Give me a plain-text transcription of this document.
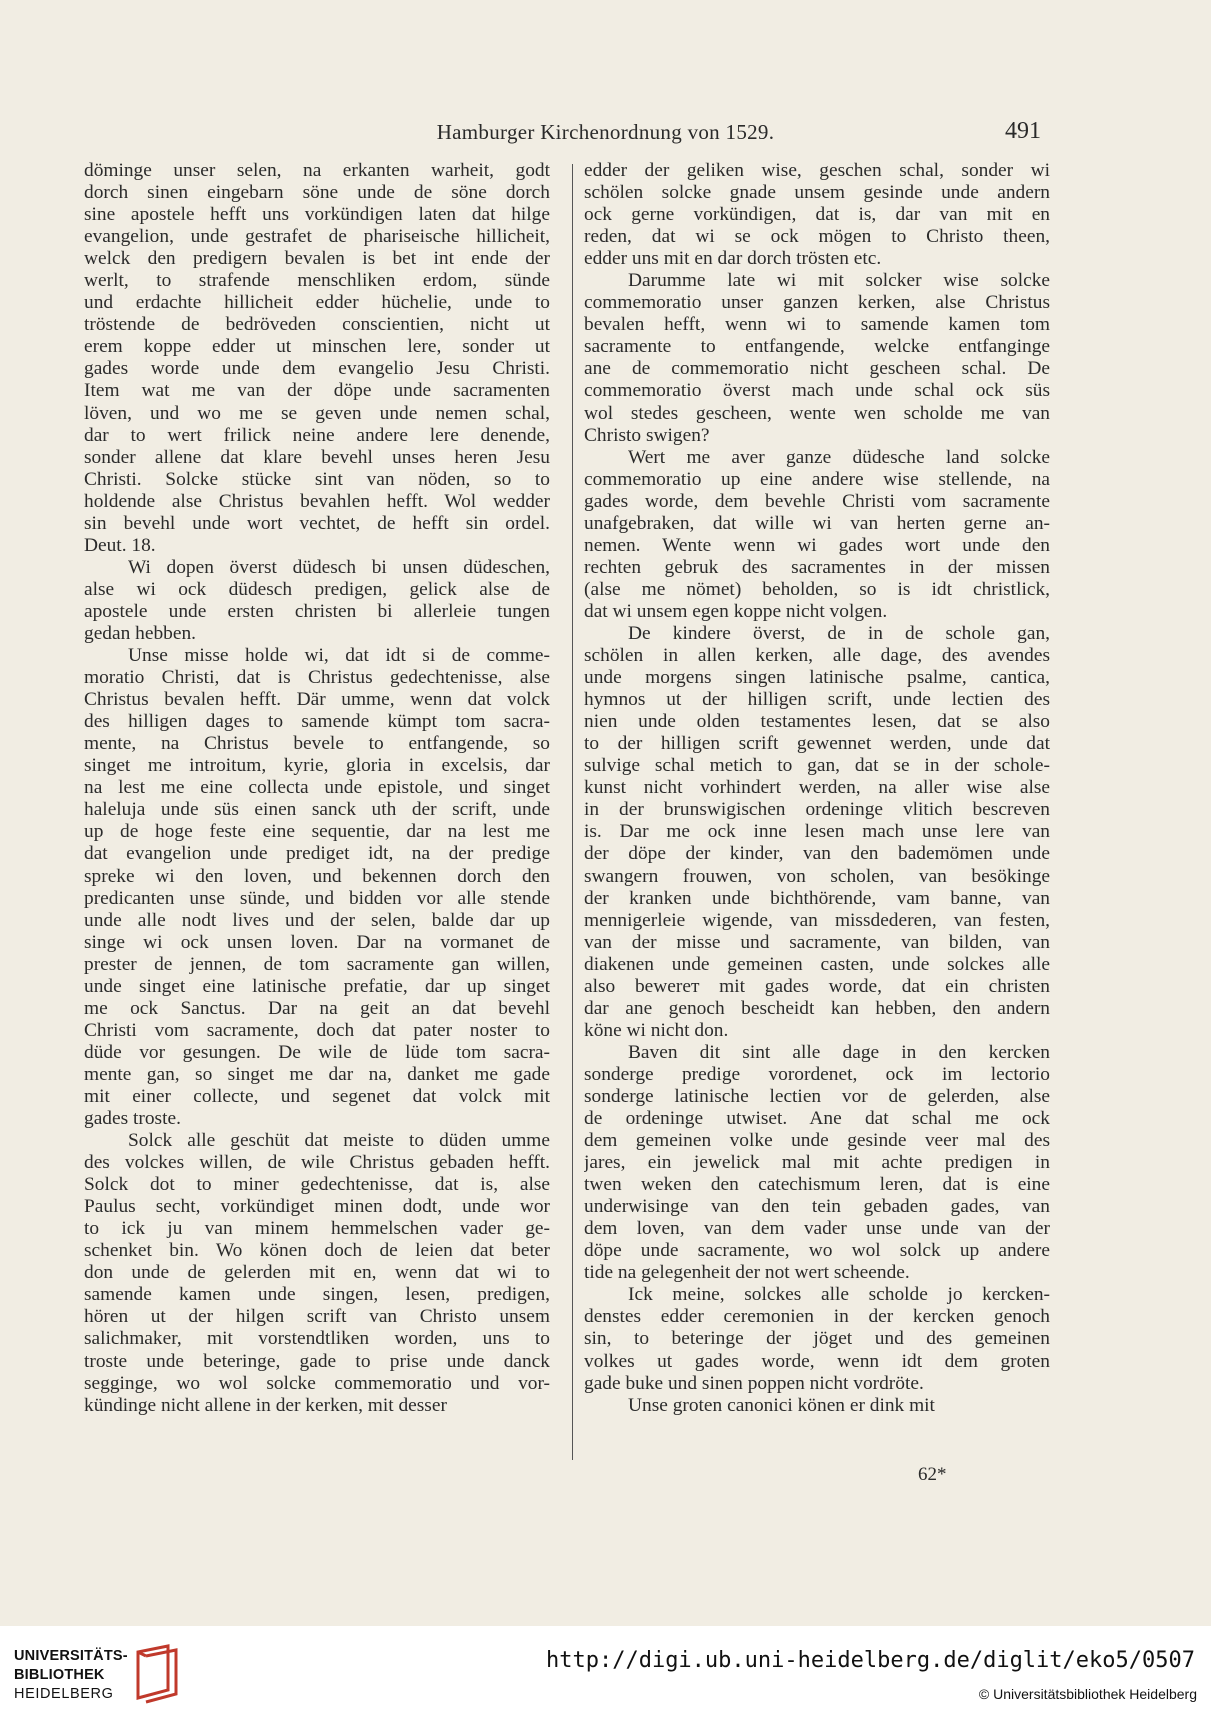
Hamburger Kirchenordnung von 1529.	491
döminge unser selen, na erkanten warheit, godt
dorch sinen eingebarn söne unde de söne dorch
sine apostele hefft uns vorkündigen laten dat hilge
evangelion, unde gestrafet de phariseische hillicheit,
welck den predigern bevalen is bet int ende der
werlt, to strafende menschliken erdom, sünde
und erdachte hillicheit edder hüchelie, unde to
tröstende de bedröveden conscientien, nicht ut
erem koppe edder ut minschen lere, sonder ut
gades worde unde dem evangelio Jesu Christi.
Item wat me van der döpe unde sacramenten
löven, und wo me se geven unde nemen schal,
dar to wert frilick neine andere lere denende,
sonder allene dat klare bevehl unses heren Jesu
Christi. Solcke stücke sint van nöden, so to
holdende alse Christus bevahlen hefft. Wol wedder
sin bevehl unde wort vechtet, de hefft sin ordel.
Deut. 18.
Wi dopen överst düdesch bi unsen düdeschen,
alse wi ock düdesch predigen, gelick alse de
apostele unde ersten christen bi allerleie tungen
gedan hebben.
Unse misse holde wi, dat idt si de comme-
moratio Christi, dat is Christus gedechtenisse, alse
Christus bevalen hefft. Där umme, wenn dat volck
des hilligen dages to samende kümpt tom sacra-
mente, na Christus bevele to entfangende, so
singet me introitum, kyrie, gloria in excelsis, dar
na lest me eine collecta unde epistole, und singet
haleluja unde süs einen sanck uth der scrift, unde
up de hoge feste eine sequentie, dar na lest me
dat evangelion unde prediget idt, na der predige
spreke wi den loven, und bekennen dorch den
predicanten unse sünde, und bidden vor alle stende
unde alle nodt lives und der selen, balde dar up
singe wi ock unsen loven. Dar na vormanet de
prester de jennen, de tom sacramente gan willen,
unde singet eine latinische prefatie, dar up singet
me ock Sanctus. Dar na geit an dat bevehl
Christi vom sacramente, doch dat pater noster to
düde vor gesungen. De wile de lüde tom sacra-
mente gan, so singet me dar na, danket me gade
mit einer collecte, und segenet dat volck mit
gades troste.
Solck alle geschüt dat meiste to düden umme
des volckes willen, de wile Christus gebaden hefft.
Solck dot to miner gedechtenisse, dat is, alse
Paulus secht, vorkündiget minen dodt, unde wor
to ick ju van minem hemmelschen vader ge-
schenket bin. Wo könen doch de leien dat beter
don unde de gelerden mit en, wenn dat wi to
samende kamen unde singen, lesen, predigen,
hören ut der hilgen scrift van Christo unsem
salichmaker, mit vorstendtliken worden, uns to
troste unde beteringe, gade to prise unde danck
segginge, wo wol solcke commemoratio und vor-
kündinge nicht allene in der kerken, mit desser
edder der geliken wise, geschen schal, sonder wi
schölen solcke gnade unsem gesinde unde andern
ock gerne vorkündigen, dat is, dar van mit en
reden, dat wi se ock mögen to Christo theen,
edder uns mit en dar dorch trösten etc.
Darumme late wi mit solcker wise solcke
commemoratio unser ganzen kerken, alse Christus
bevalen hefft, wenn wi to samende kamen tom
sacramente to entfangende, welcke entfanginge
ane de commemoratio nicht gescheen schal. De
commemoratio överst mach unde schal ock süs
wol stedes gescheen, wente wen scholde me van
Christo swigen?
Wert me aver ganze düdesche land solcke
commemoratio up eine andere wise stellende, na
gades worde, dem bevehle Christi vom sacramente
unafgebraken, dat wille wi van herten gerne an-
nemen. Wente wenn wi gades wort unde den
rechten gebruk des sacramentes in der missen
(alse me nömet) beholden, so is idt christlick,
dat wi unsem egen koppe nicht volgen.
De kindere överst, de in de schole gan,
schölen in allen kerken, alle dage, des avendes
unde morgens singen latinische psalme, cantica,
hymnos ut der hilligen scrift, unde lectien des
nien unde olden testamentes lesen, dat se also
to der hilligen scrift gewennet werden, unde dat
sulvige schal metich to gan, dat se in der schole-
kunst nicht vorhindert werden, na aller wise alse
in der brunswigischen ordeninge vlitich bescreven
is. Dar me ock inne lesen mach unse lere van
der döpe der kinder, van den bademömen unde
swangern frouwen, von scholen, van besökinge
der kranken unde bichthörende, vam banne, van
mennigerleie wigende, van missdederen, van festen,
van der misse und sacramente, van bilden, van
diakenen unde gemeinen casten, unde solckes alle
also bewerет mit gades worde, dat ein christen
dar ane genoch bescheidt kan hebben, den andern
köne wi nicht don.
Baven dit sint alle dage in den kercken
sonderge predige vorordenet, ock im lectorio
sonderge latinische lectien vor de gelerden, alse
de ordeninge utwiset. Ane dat schal me ock
dem gemeinen volke unde gesinde veer mal des
jares, ein jewelick mal mit achte predigen in
twen weken den catechismum leren, dat is eine
underwisinge van den tein gebaden gades, van
dem loven, van dem vader unse unde van der
döpe unde sacramente, wo wol solck up andere
tide na gelegenheit der not wert scheende.
Ick meine, solckes alle scholde jo kercken-
denstes edder ceremonien in der kercken genoch
sin, to beteringe der jöget und des gemeinen
volkes ut gades worde, wenn idt dem groten
gade buke und sinen poppen nicht vordröte.
Unse groten canonici könen er dink mit
62*
UNIVERSITÄTS-
BIBLIOTHEK
HEIDELBERG
http://digi.ub.uni-heidelberg.de/diglit/eko5/0507
© Universitätsbibliothek Heidelberg
